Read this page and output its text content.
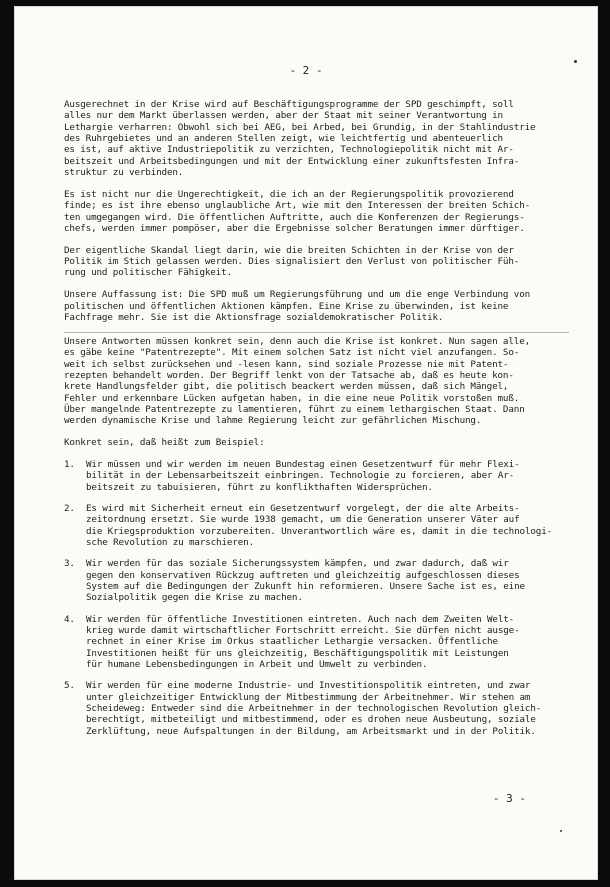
- 2 -

Ausgerechnet in der Krise wird auf Beschäftigungsprogramme der SPD geschimpft, soll
alles nur dem Markt überlassen werden, aber der Staat mit seiner Verantwortung in
Lethargie verharren: Obwohl sich bei AEG, bei Arbed, bei Grundig, in der Stahlindustrie
des Ruhrgebietes und an anderen Stellen zeigt, wie leichtfertig und abenteuerlich
es ist, auf aktive Industriepolitik zu verzichten, Technologiepolitik nicht mit Ar-
beitszeit und Arbeitsbedingungen und mit der Entwicklung einer zukunftsfesten Infra-
struktur zu verbinden.

Es ist nicht nur die Ungerechtigkeit, die ich an der Regierungspolitik provozierend
finde; es ist ihre ebenso unglaubliche Art, wie mit den Interessen der breiten Schich-
ten umgegangen wird. Die öffentlichen Auftritte, auch die Konferenzen der Regierungs-
chefs, werden immer pompöser, aber die Ergebnisse solcher Beratungen immer dürftiger.

Der eigentliche Skandal liegt darin, wie die breiten Schichten in der Krise von der
Politik im Stich gelassen werden. Dies signalisiert den Verlust von politischer Füh-
rung und politischer Fähigkeit.

Unsere Auffassung ist: Die SPD muß um Regierungsführung und um die enge Verbindung von
politischen und öffentlichen Aktionen kämpfen. Eine Krise zu überwinden, ist keine
Fachfrage mehr. Sie ist die Aktionsfrage sozialdemokratischer Politik.

Unsere Antworten müssen konkret sein, denn auch die Krise ist konkret. Nun sagen alle,
es gäbe keine "Patentrezepte". Mit einem solchen Satz ist nicht viel anzufangen. So-
weit ich selbst zurücksehen und -lesen kann, sind soziale Prozesse nie mit Patent-
rezepten behandelt worden. Der Begriff lenkt von der Tatsache ab, daß es heute kon-
krete Handlungsfelder gibt, die politisch beackert werden müssen, daß sich Mängel,
Fehler und erkennbare Lücken aufgetan haben, in die eine neue Politik vorstoßen muß.
Über mangelnde Patentrezepte zu lamentieren, führt zu einem lethargischen Staat. Dann
werden dynamische Krise und lahme Regierung leicht zur gefährlichen Mischung.

Konkret sein, daß heißt zum Beispiel:

1. Wir müssen und wir werden im neuen Bundestag einen Gesetzentwurf für mehr Flexi-
bilität in der Lebensarbeitszeit einbringen. Technologie zu forcieren, aber Ar-
beitszeit zu tabuisieren, führt zu konflikthaften Widersprüchen.
2. Es wird mit Sicherheit erneut ein Gesetzentwurf vorgelegt, der die alte Arbeits-
zeitordnung ersetzt. Sie wurde 1938 gemacht, um die Generation unserer Väter auf
die Kriegsproduktion vorzubereiten. Unverantwortlich wäre es, damit in die technologi-
sche Revolution zu marschieren.
3. Wir werden für das soziale Sicherungssystem kämpfen, und zwar dadurch, daß wir
gegen den konservativen Rückzug auftreten und gleichzeitig aufgeschlossen dieses
System auf die Bedingungen der Zukunft hin reformieren. Unsere Sache ist es, eine
Sozialpolitik gegen die Krise zu machen.
4. Wir werden für öffentliche Investitionen eintreten. Auch nach dem Zweiten Welt-
krieg wurde damit wirtschaftlicher Fortschritt erreicht. Sie dürfen nicht ausge-
rechnet in einer Krise im Orkus staatlicher Lethargie versacken. Öffentliche
Investitionen heißt für uns gleichzeitig, Beschäftigungspolitik mit Leistungen
für humane Lebensbedingungen in Arbeit und Umwelt zu verbinden.
5. Wir werden für eine moderne Industrie- und Investitionspolitik eintreten, und zwar
unter gleichzeitiger Entwicklung der Mitbestimmung der Arbeitnehmer. Wir stehen am
Scheideweg: Entweder sind die Arbeitnehmer in der technologischen Revolution gleich-
berechtigt, mitbeteiligt und mitbestimmend, oder es drohen neue Ausbeutung, soziale
Zerklüftung, neue Aufspaltungen in der Bildung, am Arbeitsmarkt und in der Politik.
- 3 -
